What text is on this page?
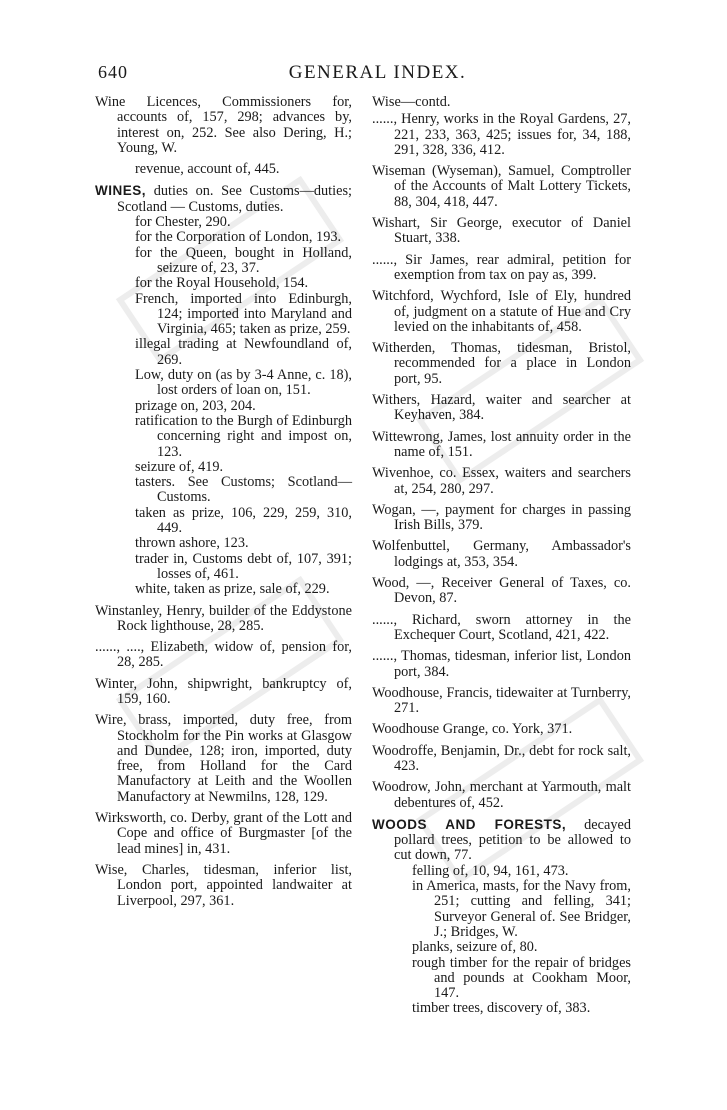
640	GENERAL INDEX.
Wine Licences, Commissioners for, accounts of, 157, 298; advances by, interest on, 252. See also Dering, H.; Young, W.
revenue, account of, 445.
WINES, duties on. See Customs—duties; Scotland — Customs, duties.
for Chester, 290.
for the Corporation of London, 193.
for the Queen, bought in Holland, seizure of, 23, 37.
for the Royal Household, 154.
French, imported into Edinburgh, 124; imported into Maryland and Virginia, 465; taken as prize, 259.
illegal trading at Newfoundland of, 269.
Low, duty on (as by 3-4 Anne, c. 18), lost orders of loan on, 151.
prizage on, 203, 204.
ratification to the Burgh of Edinburgh concerning right and impost on, 123.
seizure of, 419.
tasters. See Customs; Scotland—Customs.
taken as prize, 106, 229, 259, 310, 449.
thrown ashore, 123.
trader in, Customs debt of, 107, 391; losses of, 461.
white, taken as prize, sale of, 229.
Winstanley, Henry, builder of the Eddystone Rock lighthouse, 28, 285.
......, ...., Elizabeth, widow of, pension for, 28, 285.
Winter, John, shipwright, bankruptcy of, 159, 160.
Wire, brass, imported, duty free, from Stockholm for the Pin works at Glasgow and Dundee, 128; iron, imported, duty free, from Holland for the Card Manufactory at Leith and the Woollen Manufactory at Newmilns, 128, 129.
Wirksworth, co. Derby, grant of the Lott and Cope and office of Burgmaster [of the lead mines] in, 431.
Wise, Charles, tidesman, inferior list, London port, appointed landwaiter at Liverpool, 297, 361.
Wise—contd.
......, Henry, works in the Royal Gardens, 27, 221, 233, 363, 425; issues for, 34, 188, 291, 328, 336, 412.
Wiseman (Wyseman), Samuel, Comptroller of the Accounts of Malt Lottery Tickets, 88, 304, 418, 447.
Wishart, Sir George, executor of Daniel Stuart, 338.
......, Sir James, rear admiral, petition for exemption from tax on pay as, 399.
Witchford, Wychford, Isle of Ely, hundred of, judgment on a statute of Hue and Cry levied on the inhabitants of, 458.
Witherden, Thomas, tidesman, Bristol, recommended for a place in London port, 95.
Withers, Hazard, waiter and searcher at Keyhaven, 384.
Wittewrong, James, lost annuity order in the name of, 151.
Wivenhoe, co. Essex, waiters and searchers at, 254, 280, 297.
Wogan, —, payment for charges in passing Irish Bills, 379.
Wolfenbuttel, Germany, Ambassador's lodgings at, 353, 354.
Wood, —, Receiver General of Taxes, co. Devon, 87.
......, Richard, sworn attorney in the Exchequer Court, Scotland, 421, 422.
......, Thomas, tidesman, inferior list, London port, 384.
Woodhouse, Francis, tidewaiter at Turnberry, 271.
Woodhouse Grange, co. York, 371.
Woodroffe, Benjamin, Dr., debt for rock salt, 423.
Woodrow, John, merchant at Yarmouth, malt debentures of, 452.
WOODS AND FORESTS, decayed pollard trees, petition to be allowed to cut down, 77.
felling of, 10, 94, 161, 473.
in America, masts, for the Navy from, 251; cutting and felling, 341; Surveyor General of. See Bridger, J.; Bridges, W.
planks, seizure of, 80.
rough timber for the repair of bridges and pounds at Cookham Moor, 147.
timber trees, discovery of, 383.
